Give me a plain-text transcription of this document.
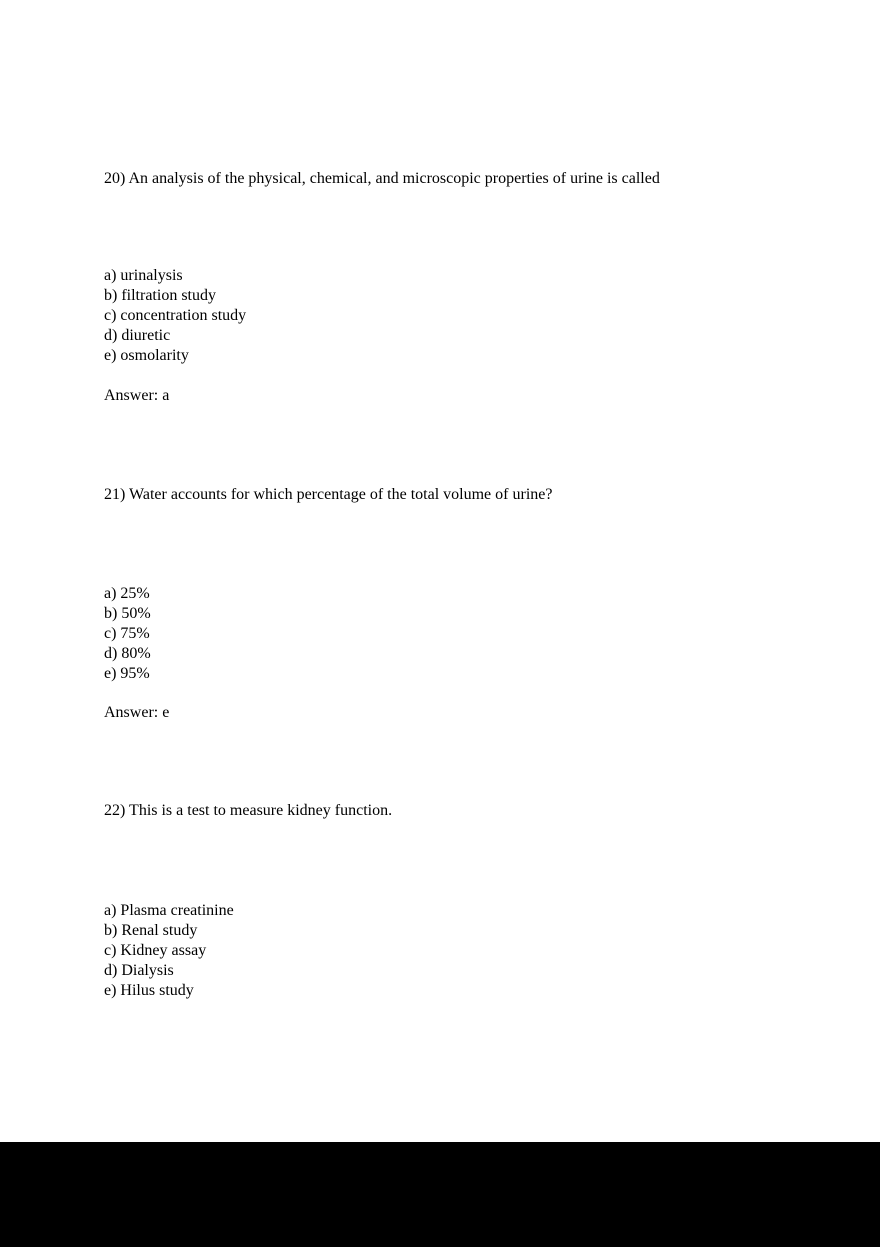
20) An analysis of the physical, chemical, and microscopic properties of urine is called

a) urinalysis
b) filtration study
c) concentration study
d) diuretic
e) osmolarity

Answer: a

21) Water accounts for which percentage of the total volume of urine?

a) 25%
b) 50%
c) 75%
d) 80%
e) 95%

Answer: e

22) This is a test to measure kidney function.

a) Plasma creatinine
b) Renal study
c) Kidney assay
d) Dialysis
e) Hilus study
